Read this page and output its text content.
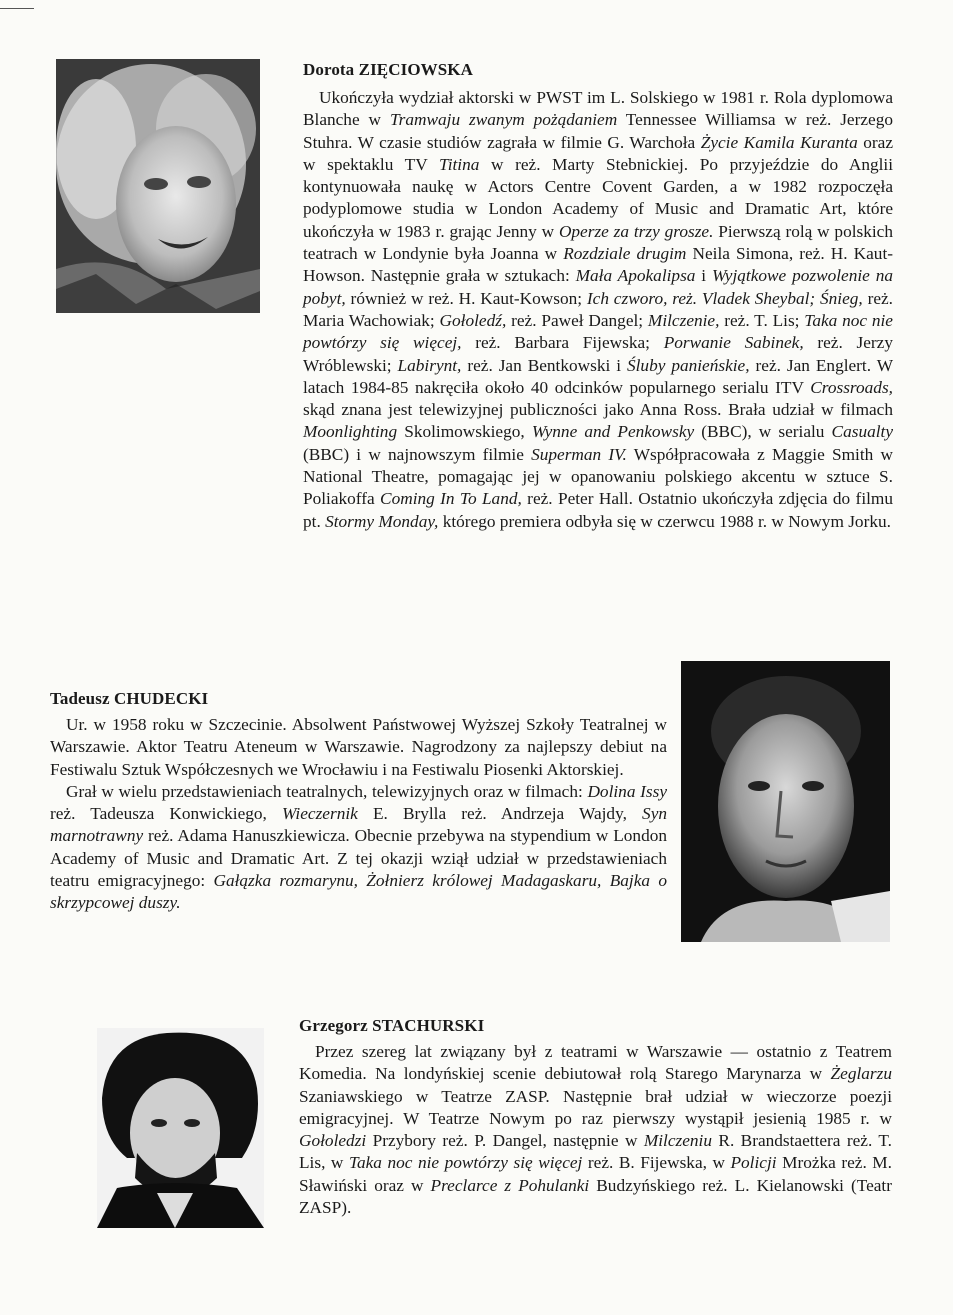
Dorota ZIĘCIOWSKA

Ukończyła wydział aktorski w PWST im L. Solskiego w 1981 r. Rola dyplomowa Blanche w Tramwaju zwanym pożądaniem Tennessee Williamsa w reż. Jerzego Stuhra. W czasie studiów zagrała w filmie G. Warchoła Życie Kamila Kuranta oraz w spektaklu TV Titina w reż. Marty Stebnickiej. Po przyjeździe do Anglii kontynuowała naukę w Actors Centre Covent Garden, a w 1982 rozpoczęła podyplomowe studia w London Academy of Music and Dramatic Art, które ukończyła w 1983 r. grając Jenny w Operze za trzy grosze. Pierwszą rolą w polskich teatrach w Londynie była Joanna w Rozdziale drugim Neila Simona, reż. H. Kaut-Howson. Następnie grała w sztukach: Mała Apokalipsa i Wyjątkowe pozwolenie na pobyt, również w reż. H. Kaut-Kowson; Ich czworo, reż. Vladek Sheybal; Śnieg, reż. Maria Wachowiak; Gołoledź, reż. Paweł Dangel; Milczenie, reż. T. Lis; Taka noc nie powtórzy się więcej, reż. Barbara Fijewska; Porwanie Sabinek, reż. Jerzy Wróblewski; Labirynt, reż. Jan Bentkowski i Śluby panieńskie, reż. Jan Englert. W latach 1984-85 nakręciła około 40 odcinków popularnego serialu ITV Crossroads, skąd znana jest telewizyjnej publiczności jako Anna Ross. Brała udział w filmach Moonlighting Skolimowskiego, Wynne and Penkowsky (BBC), w serialu Casualty (BBC) i w najnowszym filmie Superman IV. Współpracowała z Maggie Smith w National Theatre, pomagając jej w opanowaniu polskiego akcentu w sztuce S. Poliakoffa Coming In To Land, reż. Peter Hall. Ostatnio ukończyła zdjęcia do filmu pt. Stormy Monday, którego premiera odbyła się w czerwcu 1988 r. w Nowym Jorku.

Tadeusz CHUDECKI

Ur. w 1958 roku w Szczecinie. Absolwent Państwowej Wyższej Szkoły Teatralnej w Warszawie. Aktor Teatru Ateneum w Warszawie. Nagrodzony za najlepszy debiut na Festiwalu Sztuk Współczesnych we Wrocławiu i na Festiwalu Piosenki Aktorskiej.

Grał w wielu przedstawieniach teatralnych, telewizyjnych oraz w filmach: Dolina Issy reż. Tadeusza Konwickiego, Wieczernik E. Brylla reż. Andrzeja Wajdy, Syn marnotrawny reż. Adama Hanuszkiewicza. Obecnie przebywa na stypendium w London Academy of Music and Dramatic Art. Z tej okazji wziął udział w przedstawieniach teatru emigracyjnego: Gałązka rozmarynu, Żołnierz królowej Madagaskaru, Bajka o skrzypcowej duszy.

Grzegorz STACHURSKI

Przez szereg lat związany był z teatrami w Warszawie — ostatnio z Teatrem Komedia. Na londyńskiej scenie debiutował rolą Starego Marynarza w Żeglarzu Szaniawskiego w Teatrze ZASP. Następnie brał udział w wieczorze poezji emigracyjnej. W Teatrze Nowym po raz pierwszy wystąpił jesienią 1985 r. w Gołoledzi Przybory reż. P. Dangel, następnie w Milczeniu R. Brandstaettera reż. T. Lis, w Taka noc nie powtórzy się więcej reż. B. Fijewska, w Policji Mrożka reż. M. Sławiński oraz w Preclarce z Pohulanki Budzyńskiego reż. L. Kielanowski (Teatr ZASP).
